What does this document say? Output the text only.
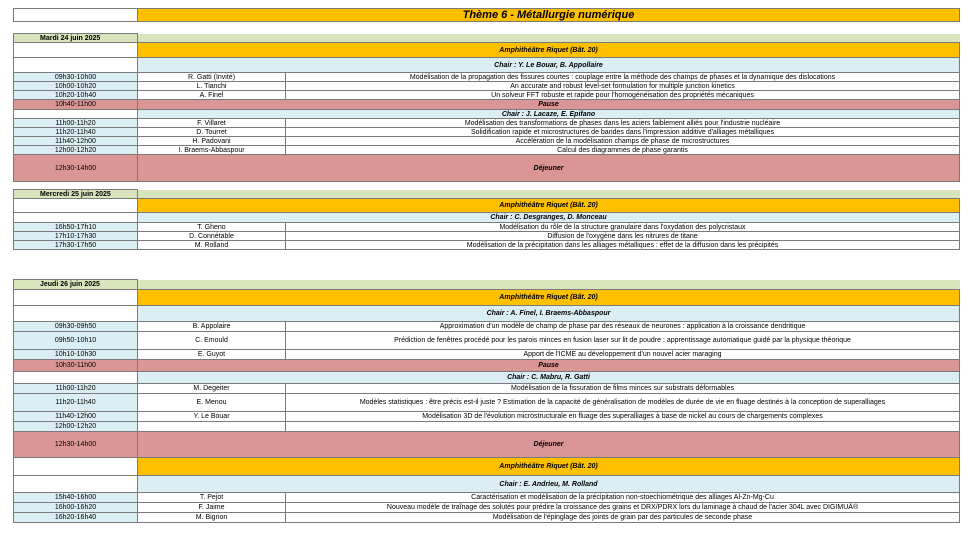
Thème 6 - Métallurgie numérique
Mardi 24 juin 2025
Amphithéâtre Riquet (Bât. 20)
Chair : Y. Le Bouar, B. Appollaire
09h30-10h00	R. Gatti (Invité)	Modélisation de la propagation des fissures courtes : couplage entre la méthode des champs de phases et la dynamique des dislocations
10h00-10h20	L. Tianchi	An accurate and robust level-set formulation for multiple junction kinetics
10h20-10h40	A. Finel	Un solveur FFT robuste et rapide pour l'homogénéisation des propriétés mécaniques
10h40-11h00	Pause
Chair : J. Lacaze, E. Epifano
11h00-11h20	F. Villaret	Modélisation des transformations de phases dans les aciers faiblement alliés pour l'industrie nucléaire
11h20-11h40	D. Tourret	Solidification rapide et microstructures de bandes dans l'impression additive d'alliages métalliques
11h40-12h00	H. Padovani	Accélération de la modélisation champs de phase de microstructures
12h00-12h20	I. Braems-Abbaspour	Calcul des diagrammes de phase garantis
12h30-14h00	Déjeuner
Mercredi 25 juin 2025
Amphithéâtre Riquet (Bât. 20)
Chair : C. Desgranges, D. Monceau
16h50-17h10	T. Gheno	Modélisation du rôle de la structure granulaire dans l'oxydation des polycristaux
17h10-17h30	D. Connétable	Diffusion de l'oxygène dans les nitrures de titane
17h30-17h50	M. Rolland	Modélisation de la précipitation dans les alliages métalliques : effet de la diffusion dans les précipités
Jeudi 26 juin 2025
Amphithéâtre Riquet (Bât. 20)
Chair : A. Finel, I. Braems-Abbaspour
09h30-09h50	B. Appolaire	Approximation d'un modèle de champ de phase par des réseaux de neurones : application à la croissance dendritique
09h50-10h10	C. Emould	Prédiction de fenêtres procédé pour les parois minces en fusion laser sur lit de poudre : apprentissage automatique guidé par la physique théorique
10h10-10h30	E. Guyot	Apport de l'ICME au développement d'un nouvel acier maraging
10h30-11h00	Pause
Chair : C. Mabru, R. Gatti
11h00-11h20	M. Degeiter	Modélisation de la fissuration de films minces sur substrats déformables
11h20-11h40	E. Menou	Modèles statistiques : être précis est-il juste ? Estimation de la capacité de généralisation de modèles de durée de vie en fluage destinés à la conception de superalliages
11h40-12h00	Y. Le Bouar	Modélisation 3D de l'évolution microstructurale en fluage des superalliages à base de nickel au cours de chargements complexes
12h00-12h20
12h30-14h00	Déjeuner
Amphithéâtre Riquet (Bât. 20)
Chair : E. Andrieu, M. Rolland
15h40-16h00	T. Pejot	Caractérisation et modélisation de la précipitation non-stoechiométrique des alliages Al-Zn-Mg-Cu
16h00-16h20	F. Jaime	Nouveau modèle de traînage des solutés pour prédire la croissance des grains et DRX/PDRX lors du laminage à chaud de l'acier 304L avec DIGIMUÂ®
16h20-16h40	M. Bignon	Modélisation de l'épinglage des joints de grain par des particules de seconde phase
